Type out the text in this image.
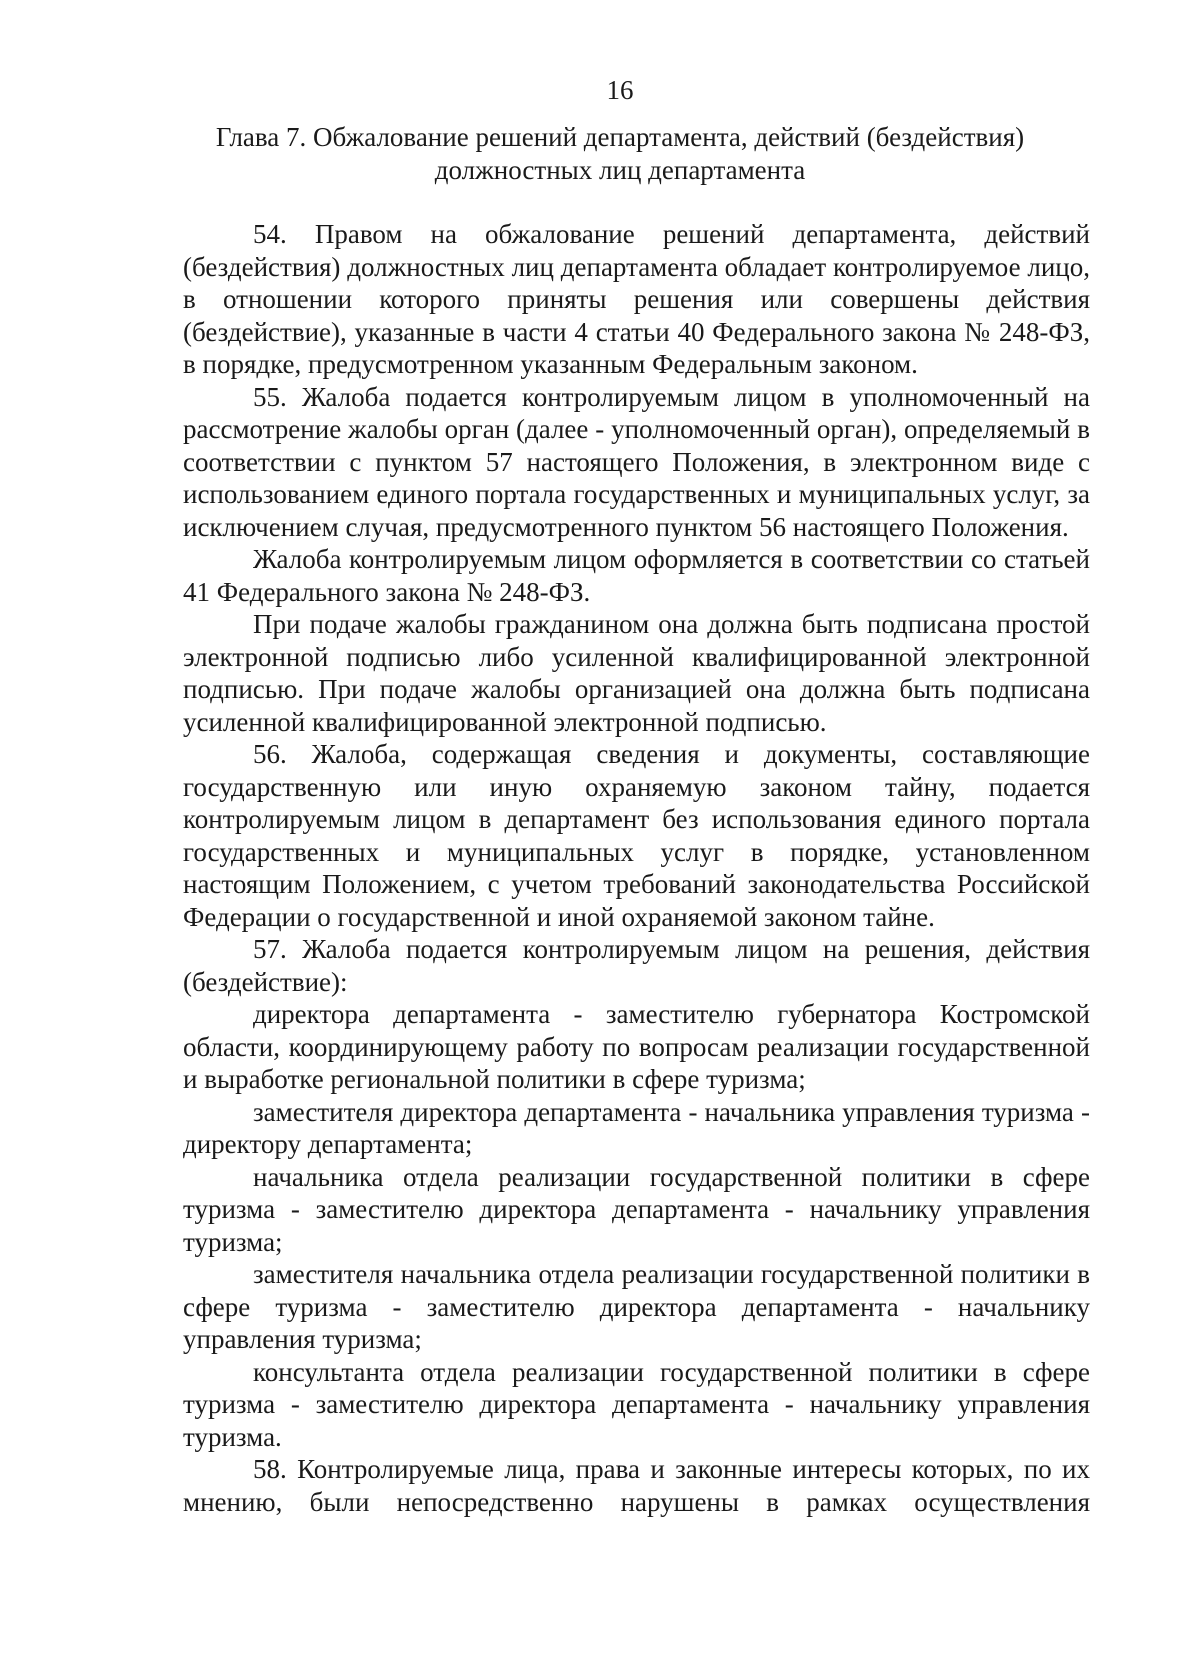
16
Глава 7. Обжалование решений департамента, действий (бездействия)
должностных лиц департамента

54. Правом на обжалование решений департамента, действий (бездействия) должностных лиц департамента обладает контролируемое лицо, в отношении которого приняты решения или совершены действия (бездействие), указанные в части 4 статьи 40 Федерального закона № 248-ФЗ, в порядке, предусмотренном указанным Федеральным законом.

55. Жалоба подается контролируемым лицом в уполномоченный на рассмотрение жалобы орган (далее - уполномоченный орган), определяемый в соответствии с пунктом 57 настоящего Положения, в электронном виде с использованием единого портала государственных и муниципальных услуг, за исключением случая, предусмотренного пунктом 56 настоящего Положения.

Жалоба контролируемым лицом оформляется в соответствии со статьей 41 Федерального закона № 248-ФЗ.

При подаче жалобы гражданином она должна быть подписана простой электронной подписью либо усиленной квалифицированной электронной подписью. При подаче жалобы организацией она должна быть подписана усиленной квалифицированной электронной подписью.

56. Жалоба, содержащая сведения и документы, составляющие государственную или иную охраняемую законом тайну, подается контролируемым лицом в департамент без использования единого портала государственных и муниципальных услуг в порядке, установленном настоящим Положением, с учетом требований законодательства Российской Федерации о государственной и иной охраняемой законом тайне.

57. Жалоба подается контролируемым лицом на решения, действия (бездействие):

директора департамента - заместителю губернатора Костромской области, координирующему работу по вопросам реализации государственной и выработке региональной политики в сфере туризма;

заместителя директора департамента - начальника управления туризма - директору департамента;

начальника отдела реализации государственной политики в сфере туризма - заместителю директора департамента - начальнику управления туризма;

заместителя начальника отдела реализации государственной политики в сфере туризма - заместителю директора департамента - начальнику управления туризма;

консультанта отдела реализации государственной политики в сфере туризма - заместителю директора департамента - начальнику управления туризма.

58. Контролируемые лица, права и законные интересы которых, по их мнению, были непосредственно нарушены в рамках осуществления
